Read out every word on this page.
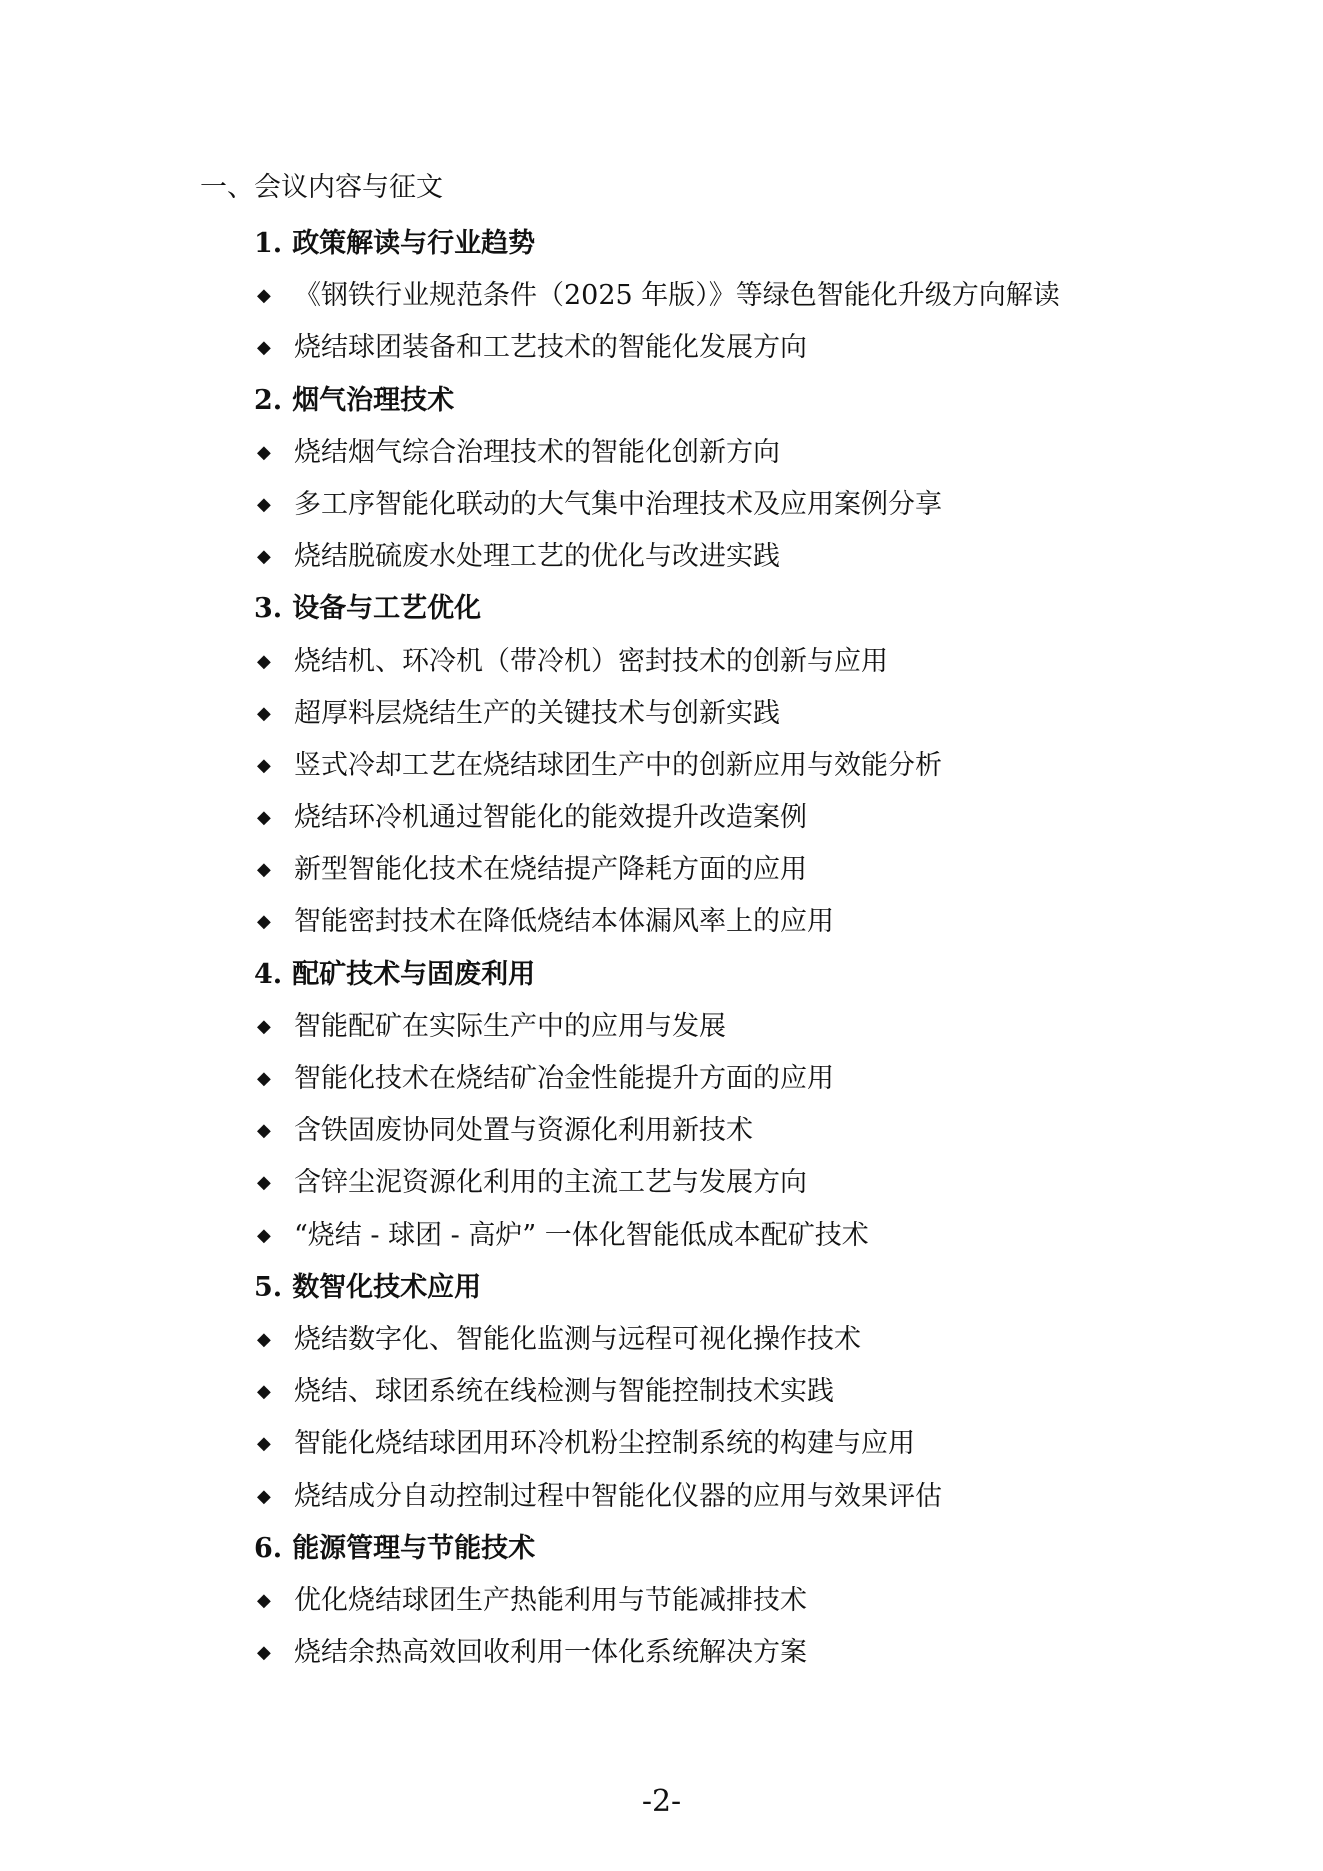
一、会议内容与征文
1. 政策解读与行业趋势
◆ 《钢铁行业规范条件（2025 年版）》等绿色智能化升级方向解读
◆ 烧结球团装备和工艺技术的智能化发展方向
2. 烟气治理技术
◆ 烧结烟气综合治理技术的智能化创新方向
◆ 多工序智能化联动的大气集中治理技术及应用案例分享
◆ 烧结脱硫废水处理工艺的优化与改进实践
3. 设备与工艺优化
◆ 烧结机、环冷机（带冷机）密封技术的创新与应用
◆ 超厚料层烧结生产的关键技术与创新实践
◆ 竖式冷却工艺在烧结球团生产中的创新应用与效能分析
◆ 烧结环冷机通过智能化的能效提升改造案例
◆ 新型智能化技术在烧结提产降耗方面的应用
◆ 智能密封技术在降低烧结本体漏风率上的应用
4. 配矿技术与固废利用
◆ 智能配矿在实际生产中的应用与发展
◆ 智能化技术在烧结矿冶金性能提升方面的应用
◆ 含铁固废协同处置与资源化利用新技术
◆ 含锌尘泥资源化利用的主流工艺与发展方向
◆ “烧结 - 球团 - 高炉” 一体化智能低成本配矿技术
5. 数智化技术应用
◆ 烧结数字化、智能化监测与远程可视化操作技术
◆ 烧结、球团系统在线检测与智能控制技术实践
◆ 智能化烧结球团用环冷机粉尘控制系统的构建与应用
◆ 烧结成分自动控制过程中智能化仪器的应用与效果评估
6. 能源管理与节能技术
◆ 优化烧结球团生产热能利用与节能减排技术
◆ 烧结余热高效回收利用一体化系统解决方案
-2-
